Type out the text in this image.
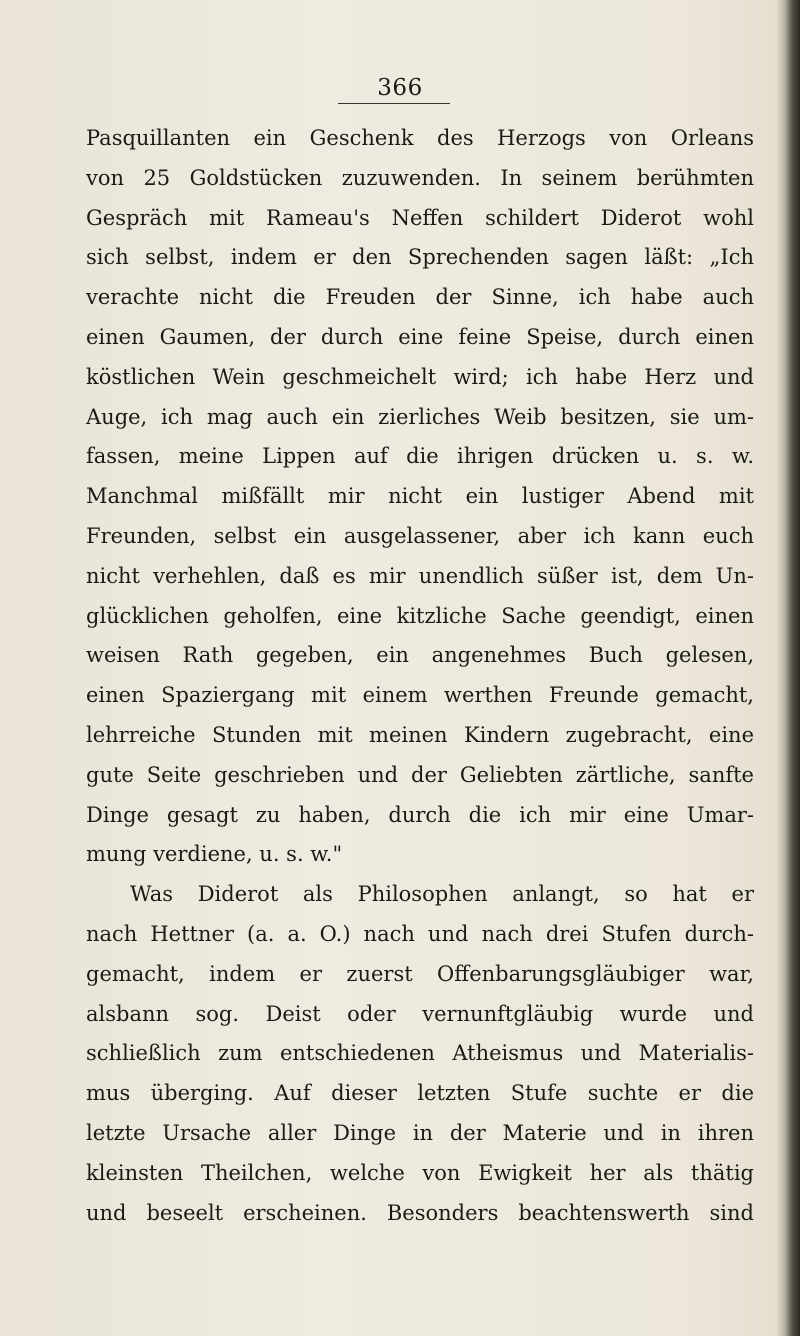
366
Pasquillanten ein Geschenk des Herzogs von Orleans
von 25 Goldstücken zuzuwenden. In seinem berühmten
Gespräch mit Rameau's Neffen schildert Diderot wohl
sich selbst, indem er den Sprechenden sagen läßt: „Ich
verachte nicht die Freuden der Sinne, ich habe auch
einen Gaumen, der durch eine feine Speise, durch einen
köstlichen Wein geschmeichelt wird; ich habe Herz und
Auge, ich mag auch ein zierliches Weib besitzen, sie um-
fassen, meine Lippen auf die ihrigen drücken u. s. w.
Manchmal mißfällt mir nicht ein lustiger Abend mit
Freunden, selbst ein ausgelassener, aber ich kann euch
nicht verhehlen, daß es mir unendlich süßer ist, dem Un-
glücklichen geholfen, eine kitzliche Sache geendigt, einen
weisen Rath gegeben, ein angenehmes Buch gelesen,
einen Spaziergang mit einem werthen Freunde gemacht,
lehrreiche Stunden mit meinen Kindern zugebracht, eine
gute Seite geschrieben und der Geliebten zärtliche, sanfte
Dinge gesagt zu haben, durch die ich mir eine Umar-
mung verdiene, u. s. w."
Was Diderot als Philosophen anlangt, so hat er
nach Hettner (a. a. O.) nach und nach drei Stufen durch-
gemacht, indem er zuerst Offenbarungsgläubiger war,
alsbann sog. Deist oder vernunftgläubig wurde und
schließlich zum entschiedenen Atheismus und Materialis-
mus überging. Auf dieser letzten Stufe suchte er die
letzte Ursache aller Dinge in der Materie und in ihren
kleinsten Theilchen, welche von Ewigkeit her als thätig
und beseelt erscheinen. Besonders beachtenswerth sind
